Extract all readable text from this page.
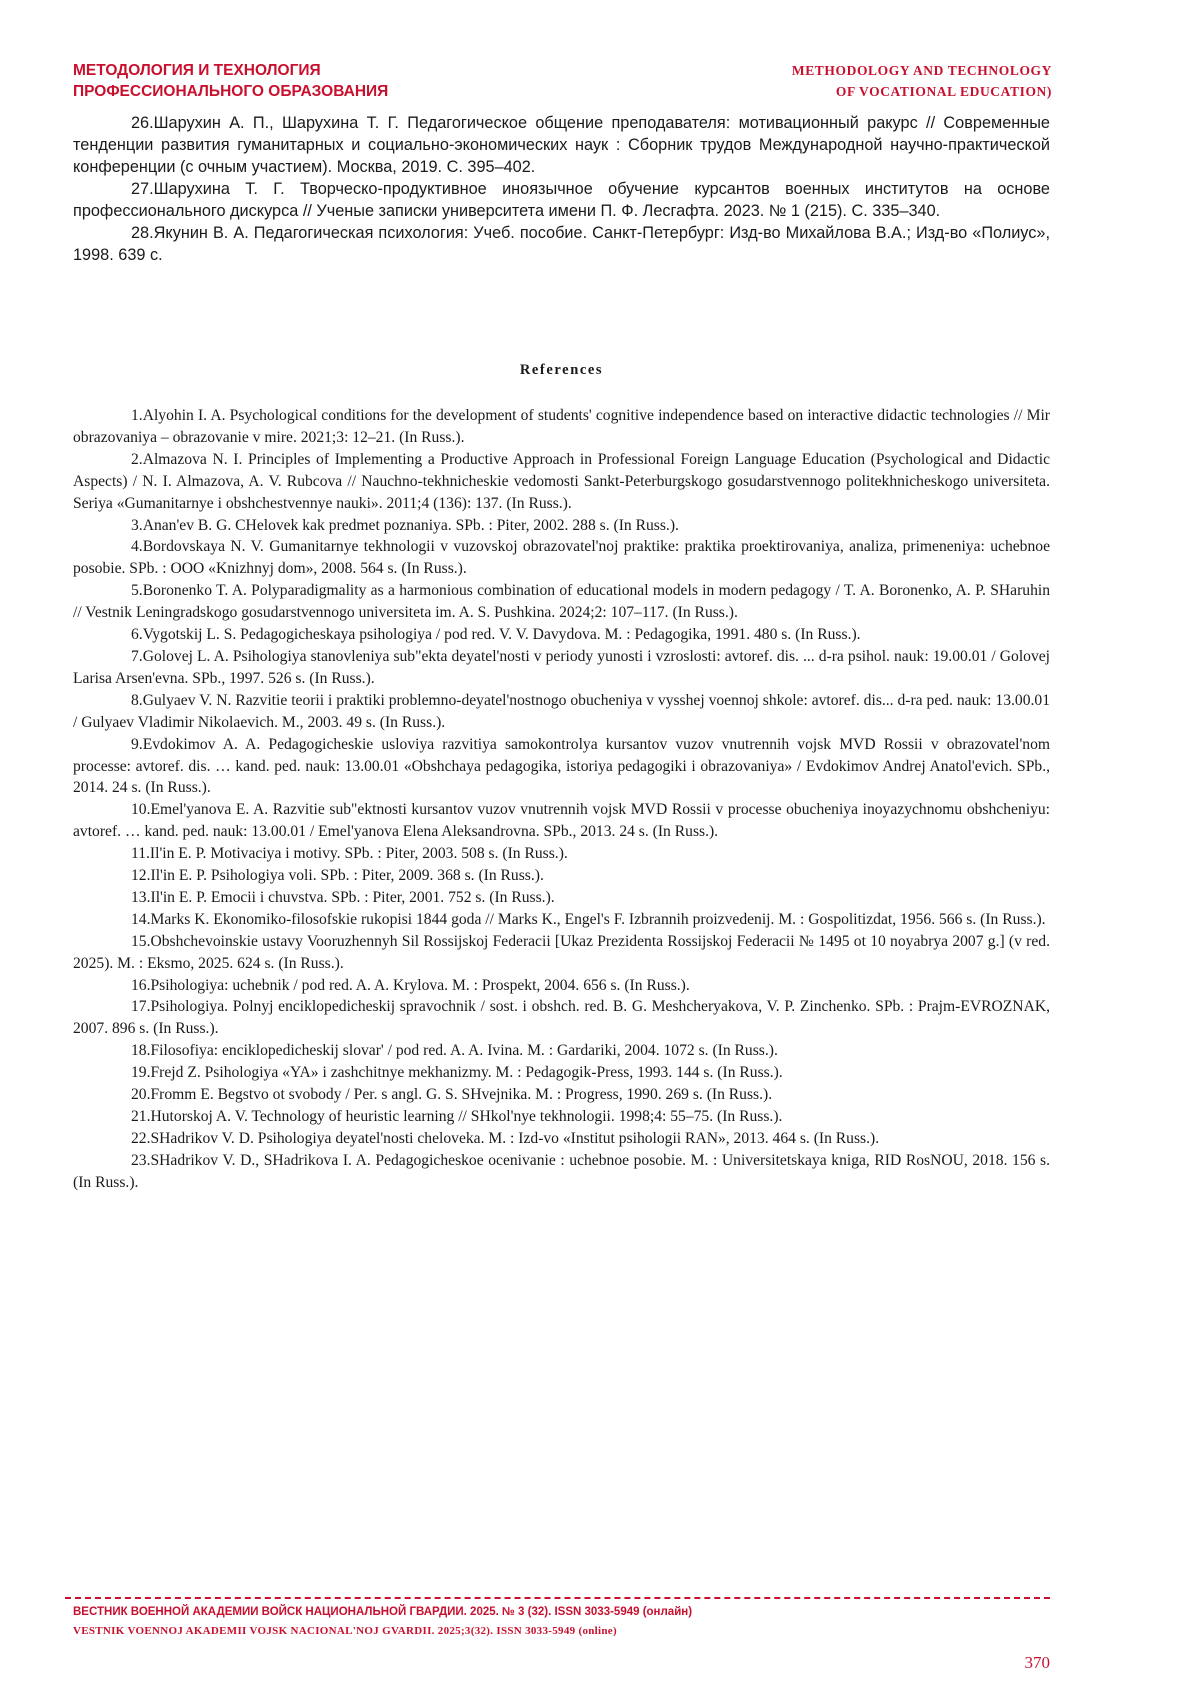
МЕТОДОЛОГИЯ И ТЕХНОЛОГИЯ
ПРОФЕССИОНАЛЬНОГО ОБРАЗОВАНИЯ
METHODOLOGY AND TECHNOLOGY
OF VOCATIONAL EDUCATION)

26.Шарухин А. П., Шарухина Т. Г. Педагогическое общение преподавателя: мотивационный ракурс // Современные тенденции развития гуманитарных и социально-экономических наук : Сборник трудов Международной научно-практической конференции (с очным участием). Москва, 2019. С. 395–402.

27.Шарухина Т. Г. Творческо-продуктивное иноязычное обучение курсантов военных институтов на основе профессионального дискурса // Ученые записки университета имени П. Ф. Лесгафта. 2023. № 1 (215). С. 335–340.

28.Якунин В. А. Педагогическая психология: Учеб. пособие. Санкт-Петербург: Изд-во Михайлова В.А.; Изд-во «Полиус», 1998. 639 с.

References

1.Alyohin I. A. Psychological conditions for the development of students' cognitive independence based on interactive didactic technologies // Mir obrazovaniya – obrazovanie v mire. 2021;3: 12–21. (In Russ.).

2.Almazova N. I. Principles of Implementing a Productive Approach in Professional Foreign Language Education (Psychological and Didactic Aspects) / N. I. Almazova, A. V. Rubcova // Nauchno-tekhnicheskie vedomosti Sankt-Peterburgskogo gosudarstvennogo politekhnicheskogo universiteta. Seriya «Gumanitarnye i obshchestvennye nauki». 2011;4 (136): 137. (In Russ.).

3.Anan'ev B. G. CHelovek kak predmet poznaniya. SPb. : Piter, 2002. 288 s. (In Russ.).

4.Bordovskaya N. V. Gumanitarnye tekhnologii v vuzovskoj obrazovatel'noj praktike: praktika proektirovaniya, analiza, primeneniya: uchebnoe posobie. SPb. : OOO «Knizhnyj dom», 2008. 564 s. (In Russ.).

5.Boronenko T. A. Polyparadigmality as a harmonious combination of educational models in modern pedagogy / T. A. Boronenko, A. P. SHaruhin // Vestnik Leningradskogo gosudarstvennogo universiteta im. A. S. Pushkina. 2024;2: 107–117. (In Russ.).

6.Vygotskij L. S. Pedagogicheskaya psihologiya / pod red. V. V. Davydova. M. : Pedagogika, 1991. 480 s. (In Russ.).

7.Golovej L. A. Psihologiya stanovleniya sub"ekta deyatel'nosti v periody yunosti i vzroslosti: avtoref. dis. ... d-ra psihol. nauk: 19.00.01 / Golovej Larisa Arsen'evna. SPb., 1997. 526 s. (In Russ.).

8.Gulyaev V. N. Razvitie teorii i praktiki problemno-deyatel'nostnogo obucheniya v vysshej voennoj shkole: avtoref. dis... d-ra ped. nauk: 13.00.01 / Gulyaev Vladimir Nikolaevich. M., 2003. 49 s. (In Russ.).

9.Evdokimov A. A. Pedagogicheskie usloviya razvitiya samokontrolya kursantov vuzov vnutrennih vojsk MVD Rossii v obrazovatel'nom processe: avtoref. dis. … kand. ped. nauk: 13.00.01 «Obshchaya pedagogika, istoriya pedagogiki i obrazovaniya» / Evdokimov Andrej Anatol'evich. SPb., 2014. 24 s. (In Russ.).

10.Emel'yanova E. A. Razvitie sub"ektnosti kursantov vuzov vnutrennih vojsk MVD Rossii v processe obucheniya inoyazychnomu obshcheniyu: avtoref. … kand. ped. nauk: 13.00.01 / Emel'yanova Elena Aleksandrovna. SPb., 2013. 24 s. (In Russ.).

11.Il'in E. P. Motivaciya i motivy. SPb. : Piter, 2003. 508 s. (In Russ.).

12.Il'in E. P. Psihologiya voli. SPb. : Piter, 2009. 368 s. (In Russ.).

13.Il'in E. P. Emocii i chuvstva. SPb. : Piter, 2001. 752 s. (In Russ.).

14.Marks K. Ekonomiko-filosofskie rukopisi 1844 goda // Marks K., Engel's F. Izbrannih proizvedenij. M. : Gospolitizdat, 1956. 566 s. (In Russ.).

15.Obshchevoinskie ustavy Vooruzhennyh Sil Rossijskoj Federacii [Ukaz Prezidenta Rossijskoj Federacii № 1495 ot 10 noyabrya 2007 g.] (v red. 2025). M. : Eksmo, 2025. 624 s. (In Russ.).

16.Psihologiya: uchebnik / pod red. A. A. Krylova. M. : Prospekt, 2004. 656 s. (In Russ.).

17.Psihologiya. Polnyj enciklopedicheskij spravochnik / sost. i obshch. red. B. G. Meshcheryakova, V. P. Zinchenko. SPb. : Prajm-EVROZNAK, 2007. 896 s. (In Russ.).

18.Filosofiya: enciklopedicheskij slovar' / pod red. A. A. Ivina. M. : Gardariki, 2004. 1072 s. (In Russ.).

19.Frejd Z. Psihologiya «YA» i zashchitnye mekhanizmy. M. : Pedagogik-Press, 1993. 144 s. (In Russ.).

20.Fromm E. Begstvo ot svobody / Per. s angl. G. S. SHvejnika. M. : Progress, 1990. 269 s. (In Russ.).

21.Hutorskoj A. V. Technology of heuristic learning // SHkol'nye tekhnologii. 1998;4: 55–75. (In Russ.).

22.SHadrikov V. D. Psihologiya deyatel'nosti cheloveka. M. : Izd-vo «Institut psihologii RAN», 2013. 464 s. (In Russ.).

23.SHadrikov V. D., SHadrikova I. A. Pedagogicheskoe ocenivanie : uchebnoe posobie. M. : Universitetskaya kniga, RID RosNOU, 2018. 156 s. (In Russ.).

ВЕСТНИК ВОЕННОЙ АКАДЕМИИ ВОЙСК НАЦИОНАЛЬНОЙ ГВАРДИИ. 2025. № 3 (32). ISSN 3033-5949 (онлайн)
VESTNIK VOENNOJ AKADEMII VOJSK NACIONAL'NOJ GVARDII. 2025;3(32). ISSN 3033-5949 (online)
370
